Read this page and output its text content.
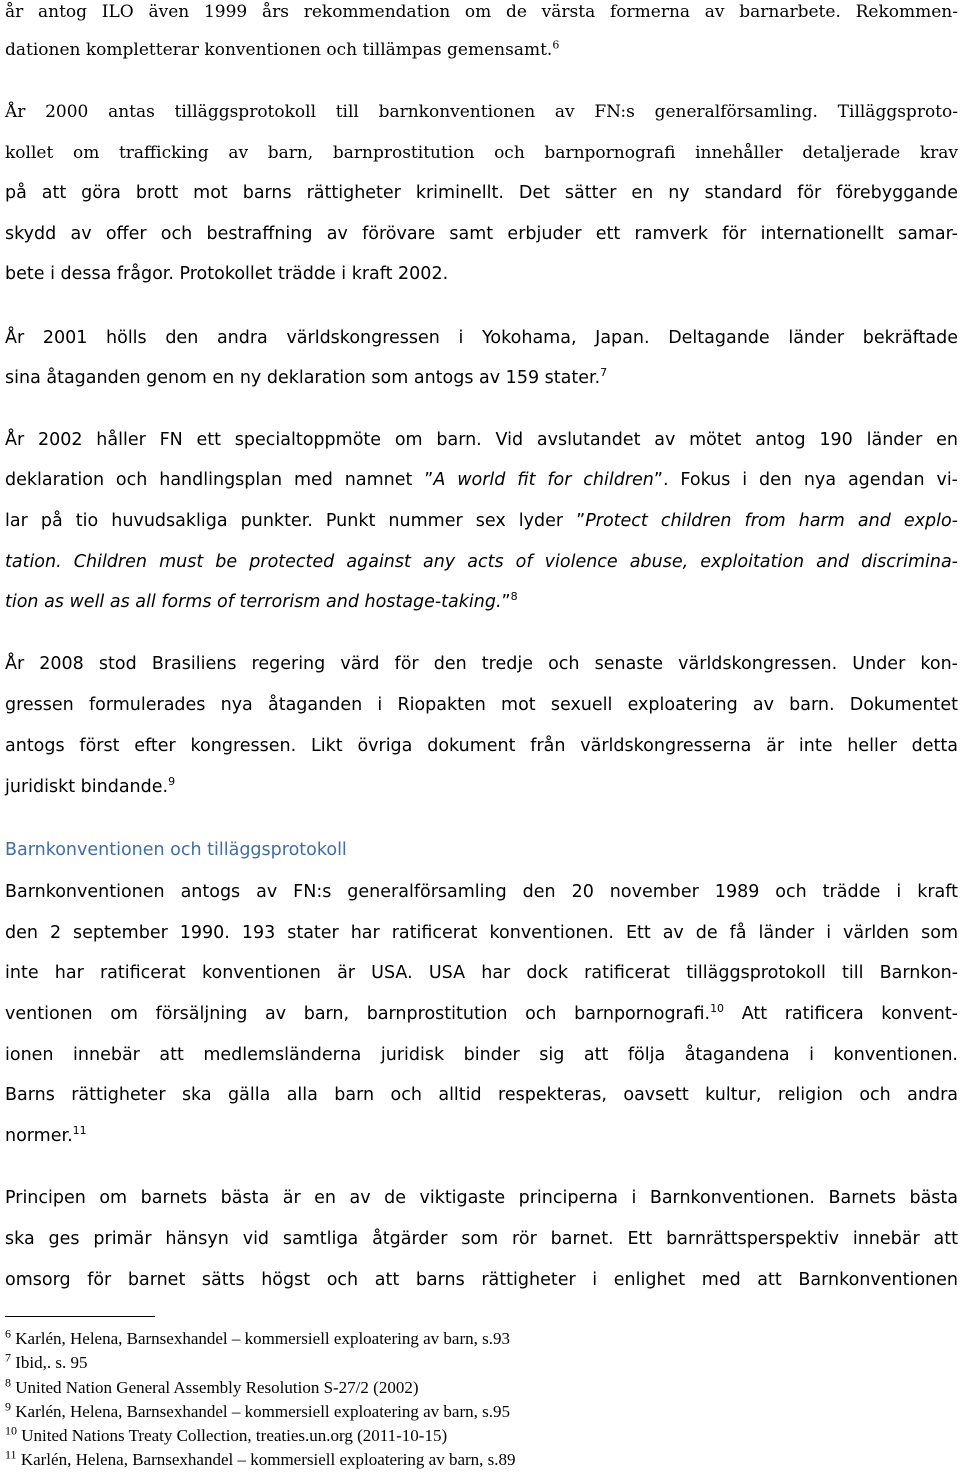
år antog ILO även 1999 års rekommendation om de värsta formerna av barnarbete. Rekommen-
dationen kompletterar konventionen och tillämpas gemensamt.$^6$
År 2000 antas tilläggsprotokoll till barnkonventionen av FN:s generalförsamling. Tilläggsproto-
kollet om trafficking av barn, barnprostitution och barnpornografi innehåller detaljerade krav
på att göra brott mot barns rättigheter kriminellt. Det sätter en ny standard för förebyggande
skydd av offer och bestraffning av förövare samt erbjuder ett ramverk för internationellt samar-
bete i dessa frågor. Protokollet trädde i kraft 2002.
År 2001 hölls den andra världskongressen i Yokohama, Japan. Deltagande länder bekräftade
sina åtaganden genom en ny deklaration som antogs av 159 stater.$^7$
År 2002 håller FN ett specialtoppmöte om barn. Vid avslutandet av mötet antog 190 länder en
deklaration och handlingsplan med namnet ”A world fit for children”. Fokus i den nya agendan vi-
lar på tio huvudsakliga punkter. Punkt nummer sex lyder ”Protect children from harm and explo-
tation. Children must be protected against any acts of violence abuse, exploitation and discrimina-
tion as well as all forms of terrorism and hostage-taking.”$^8$
År 2008 stod Brasiliens regering värd för den tredje och senaste världskongressen. Under kon-
gressen formulerades nya åtaganden i Riopakten mot sexuell exploatering av barn. Dokumentet
antogs först efter kongressen. Likt övriga dokument från världskongresserna är inte heller detta
juridiskt bindande.$^9$
Barnkonventionen och tilläggsprotokoll
Barnkonventionen antogs av FN:s generalförsamling den 20 november 1989 och trädde i kraft
den 2 september 1990. 193 stater har ratificerat konventionen. Ett av de få länder i världen som
inte har ratificerat konventionen är USA. USA har dock ratificerat tilläggsprotokoll till Barnkon-
ventionen om försäljning av barn, barnprostitution och barnpornografi.$^{10}$ Att ratificera konvent-
ionen innebär att medlemsländerna juridisk binder sig att följa åtagandena i konventionen.
Barns rättigheter ska gälla alla barn och alltid respekteras, oavsett kultur, religion och andra
normer.$^{11}$
Principen om barnets bästa är en av de viktigaste principerna i Barnkonventionen. Barnets bästa
ska ges primär hänsyn vid samtliga åtgärder som rör barnet. Ett barnrättsperspektiv innebär att
omsorg för barnet sätts högst och att barns rättigheter i enlighet med att Barnkonventionen
$^6$ Karlén, Helena, Barnsexhandel – kommersiell exploatering av barn, s.93
$^7$ Ibid,. s. 95
$^8$ United Nation General Assembly Resolution S-27/2 (2002)
$^9$ Karlén, Helena, Barnsexhandel – kommersiell exploatering av barn, s.95
$^{10}$ United Nations Treaty Collection, treaties.un.org (2011-10-15)
$^{11}$ Karlén, Helena, Barnsexhandel – kommersiell exploatering av barn, s.89
